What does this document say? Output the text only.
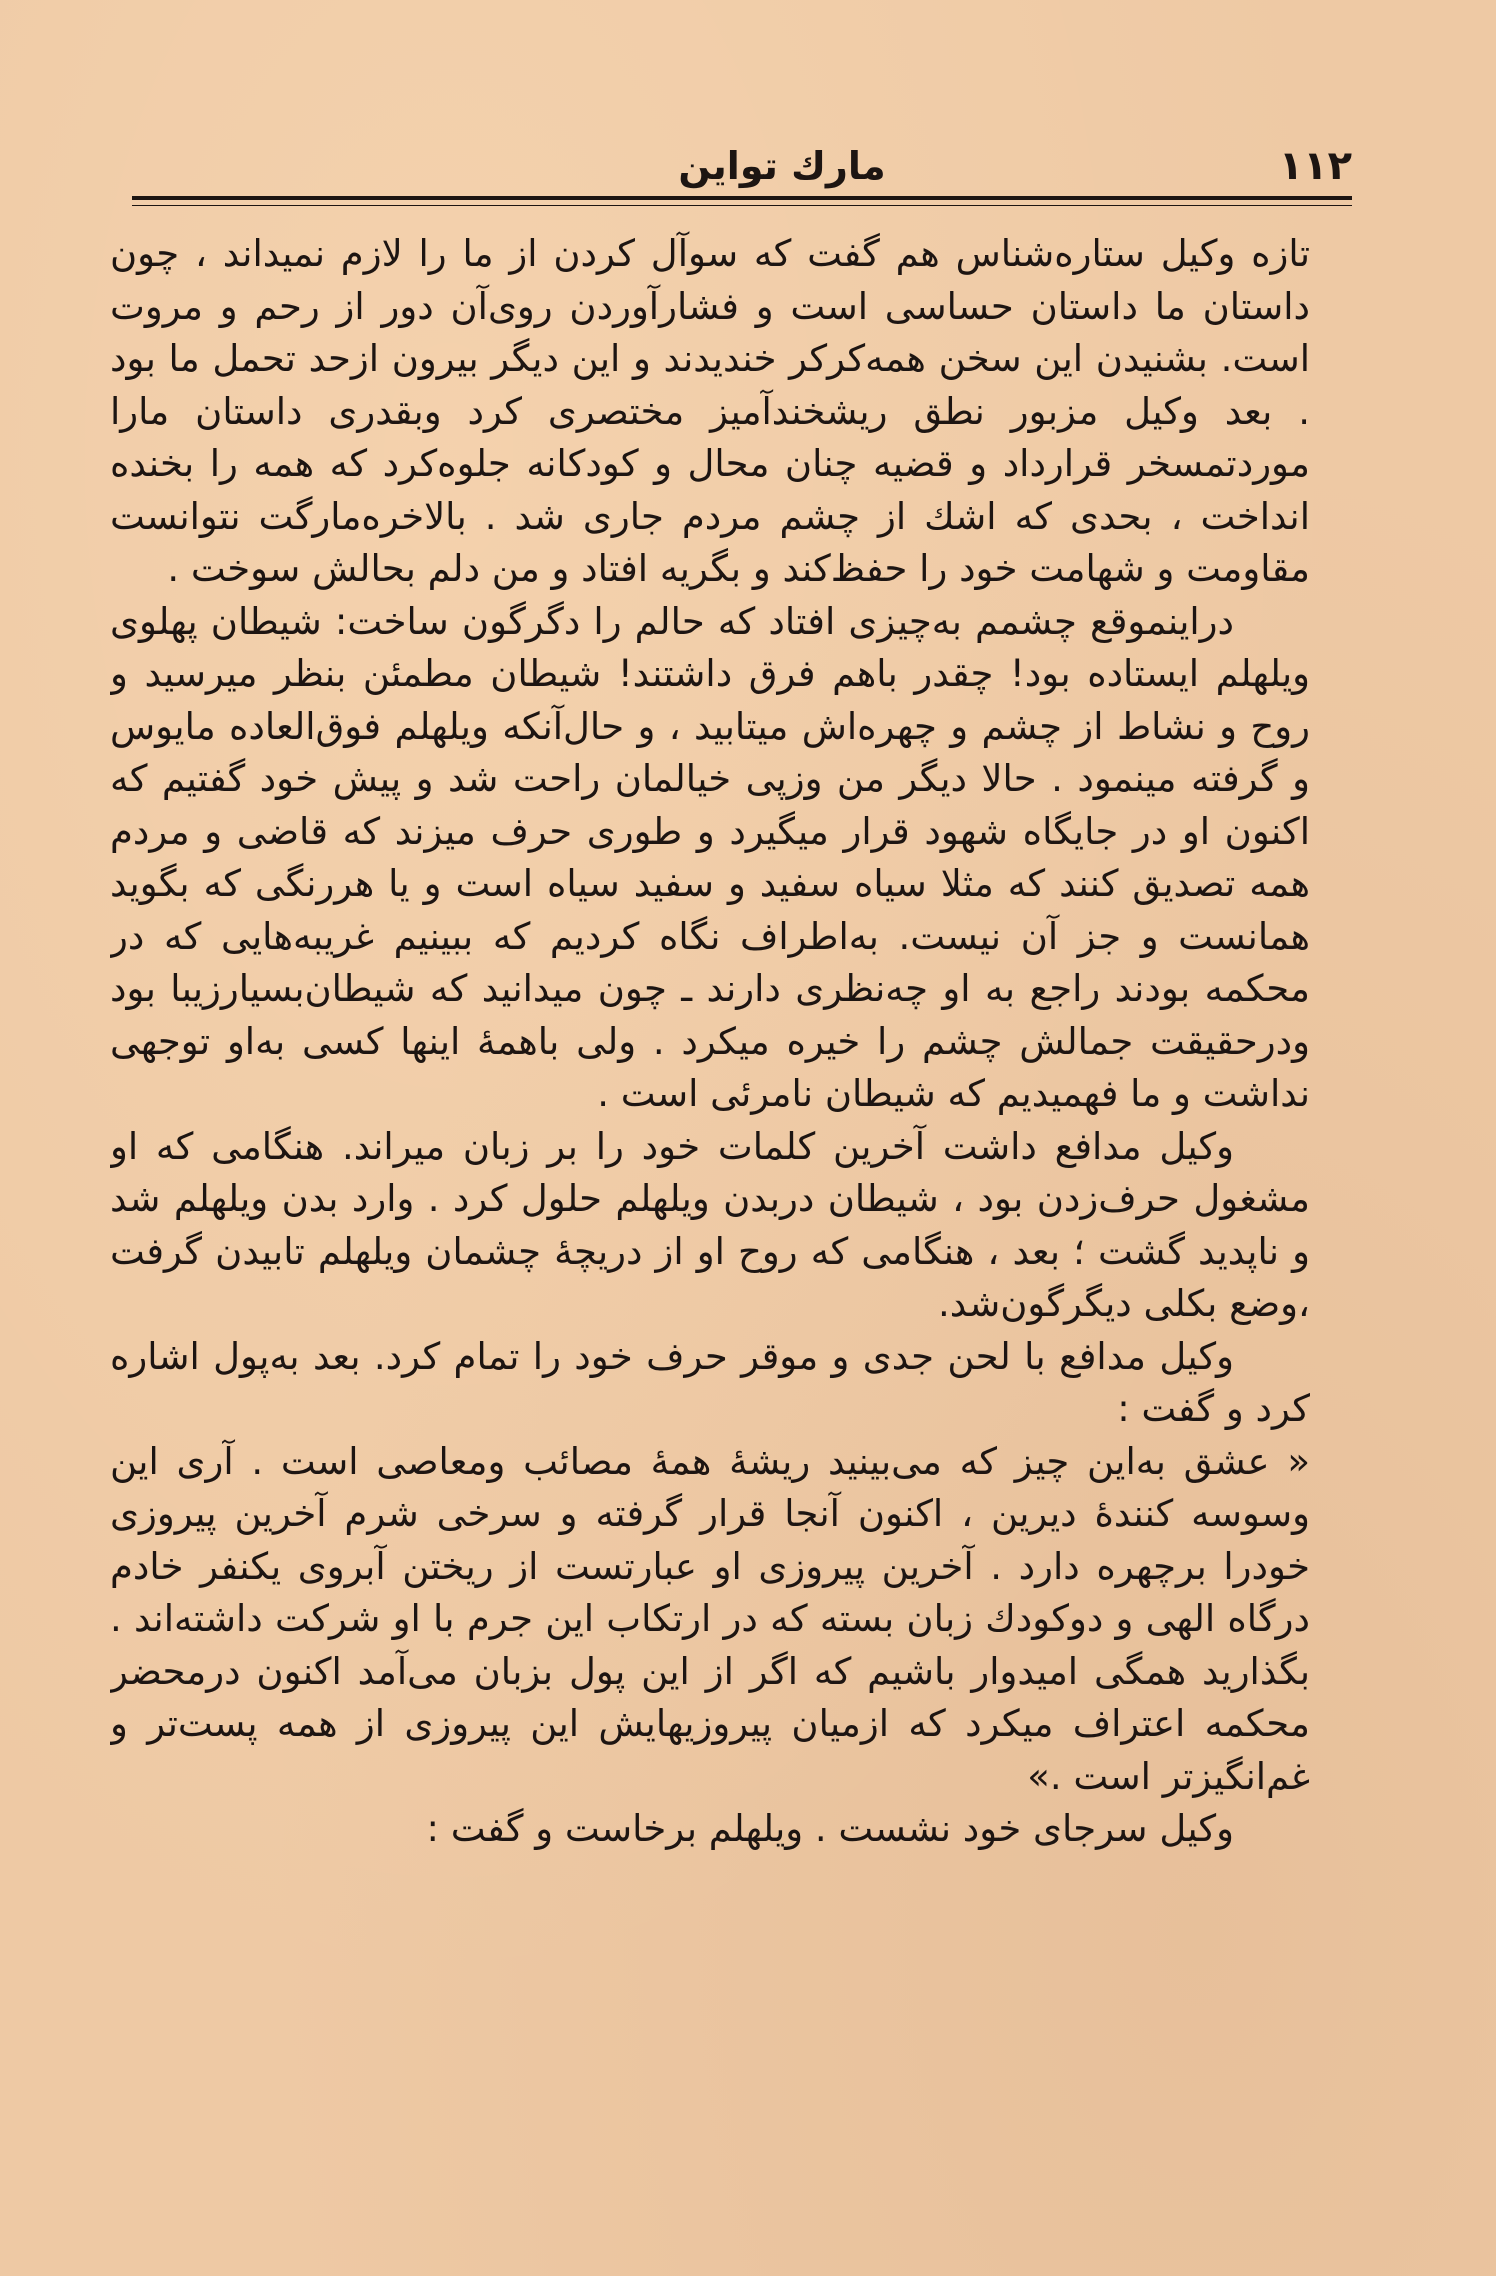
مارك تواين	۱۱۲

تازه وکیل ستاره‌شناس هم گفت که سوآل کردن از ما را لازم نمیداند ، چون داستان ما داستان حساسی است و فشارآوردن روی‌آن دور از رحم و مروت است. بشنیدن این سخن همه‌کرکر خندیدند و این دیگر بیرون ازحد تحمل ما بود . بعد وکیل مزبور نطق ریشخندآمیز مختصری کرد وبقدری داستان مارا موردتمسخر قرارداد و قضیه چنان محال و کودکانه جلوه‌کرد که همه را بخنده انداخت ، بحدی که اشك از چشم مردم جاری شد . بالاخره‌مارگت نتوانست مقاومت و شهامت خود را حفظ‌کند و بگریه افتاد و من دلم بحالش سوخت .

دراینموقع چشمم به‌چیزی افتاد که حالم را دگرگون ساخت: شیطان پهلوی ویلهلم ایستاده بود! چقدر باهم فرق داشتند! شیطان مطمئن بنظر میرسید و روح و نشاط از چشم و چهره‌اش میتابید ، و حال‌آنکه ویلهلم فوق‌العاده مایوس و گرفته مینمود . حالا دیگر من وزپی خیالمان راحت شد و پیش خود گفتیم که اکنون او در جایگاه شهود قرار میگیرد و طوری حرف میزند که قاضی و مردم همه تصدیق کنند که مثلا سیاه سفید و سفید سیاه است و یا هررنگی که بگوید همانست و جز آن نیست. به‌اطراف نگاه کردیم که ببینیم غریبه‌هایی که در محکمه بودند راجع به او چه‌نظری دارند ـ چون میدانید که شیطان‌بسیارزیبا بود ودرحقیقت جمالش چشم را خیره میکرد . ولی باهمهٔ اینها کسی به‌او توجهی نداشت و ما فهمیدیم که شیطان نامرئی است .

وکیل مدافع داشت آخرین کلمات خود را بر زبان میراند. هنگامی که او مشغول حرف‌زدن بود ، شیطان دربدن ویلهلم حلول کرد . وارد بدن ویلهلم شد و ناپدید گشت ؛ بعد ، هنگامی که روح او از دریچهٔ چشمان ویلهلم تابیدن گرفت ،وضع بکلی دیگرگون‌شد.

وکیل مدافع با لحن جدی و موقر حرف خود را تمام کرد. بعد به‌پول اشاره کرد و گفت :

« عشق به‌این چیز که می‌بینید ریشهٔ همهٔ مصائب ومعاصی است . آری این وسوسه کنندهٔ دیرین ، اکنون آنجا قرار گرفته و سرخی شرم آخرین پیروزی خودرا برچهره دارد . آخرین پیروزی او عبارتست از ریختن آبروی یکنفر خادم درگاه الهی و دوکودك زبان بسته که در ارتکاب این جرم با او شرکت داشته‌اند . بگذارید همگی امیدوار باشیم که اگر از این پول بزبان می‌آمد اکنون درمحضر محکمه اعتراف میکرد که ازمیان پیروزیهایش این پیروزی از همه پست‌تر و غم‌انگیزتر است .»

وکیل سرجای خود نشست . ویلهلم برخاست و گفت :
